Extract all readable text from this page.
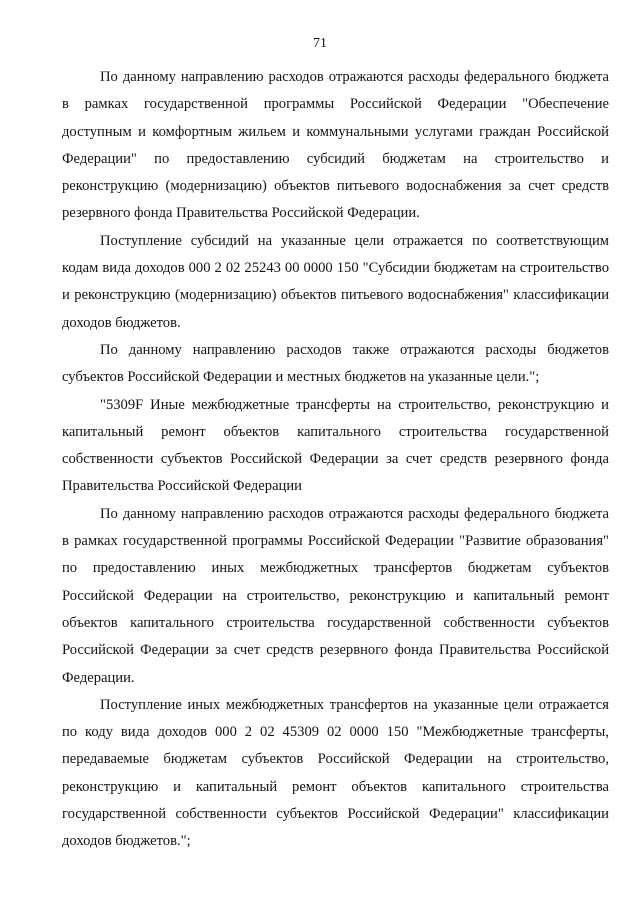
71

По данному направлению расходов отражаются расходы федерального бюджета в рамках государственной программы Российской Федерации "Обеспечение доступным и комфортным жильем и коммунальными услугами граждан Российской Федерации" по предоставлению субсидий бюджетам на строительство и реконструкцию (модернизацию) объектов питьевого водоснабжения за счет средств резервного фонда Правительства Российской Федерации.

Поступление субсидий на указанные цели отражается по соответствующим кодам вида доходов 000 2 02 25243 00 0000 150 "Субсидии бюджетам на строительство и реконструкцию (модернизацию) объектов питьевого водоснабжения" классификации доходов бюджетов.

По данному направлению расходов также отражаются расходы бюджетов субъектов Российской Федерации и местных бюджетов на указанные цели.";

"5309F Иные межбюджетные трансферты на строительство, реконструкцию и капитальный ремонт объектов капитального строительства государственной собственности субъектов Российской Федерации за счет средств резервного фонда Правительства Российской Федерации

По данному направлению расходов отражаются расходы федерального бюджета в рамках государственной программы Российской Федерации "Развитие образования" по предоставлению иных межбюджетных трансфертов бюджетам субъектов Российской Федерации на строительство, реконструкцию и капитальный ремонт объектов капитального строительства государственной собственности субъектов Российской Федерации за счет средств резервного фонда Правительства Российской Федерации.

Поступление иных межбюджетных трансфертов на указанные цели отражается по коду вида доходов 000 2 02 45309 02 0000 150 "Межбюджетные трансферты, передаваемые бюджетам субъектов Российской Федерации на строительство, реконструкцию и капитальный ремонт объектов капитального строительства государственной собственности субъектов Российской Федерации" классификации доходов бюджетов.";
